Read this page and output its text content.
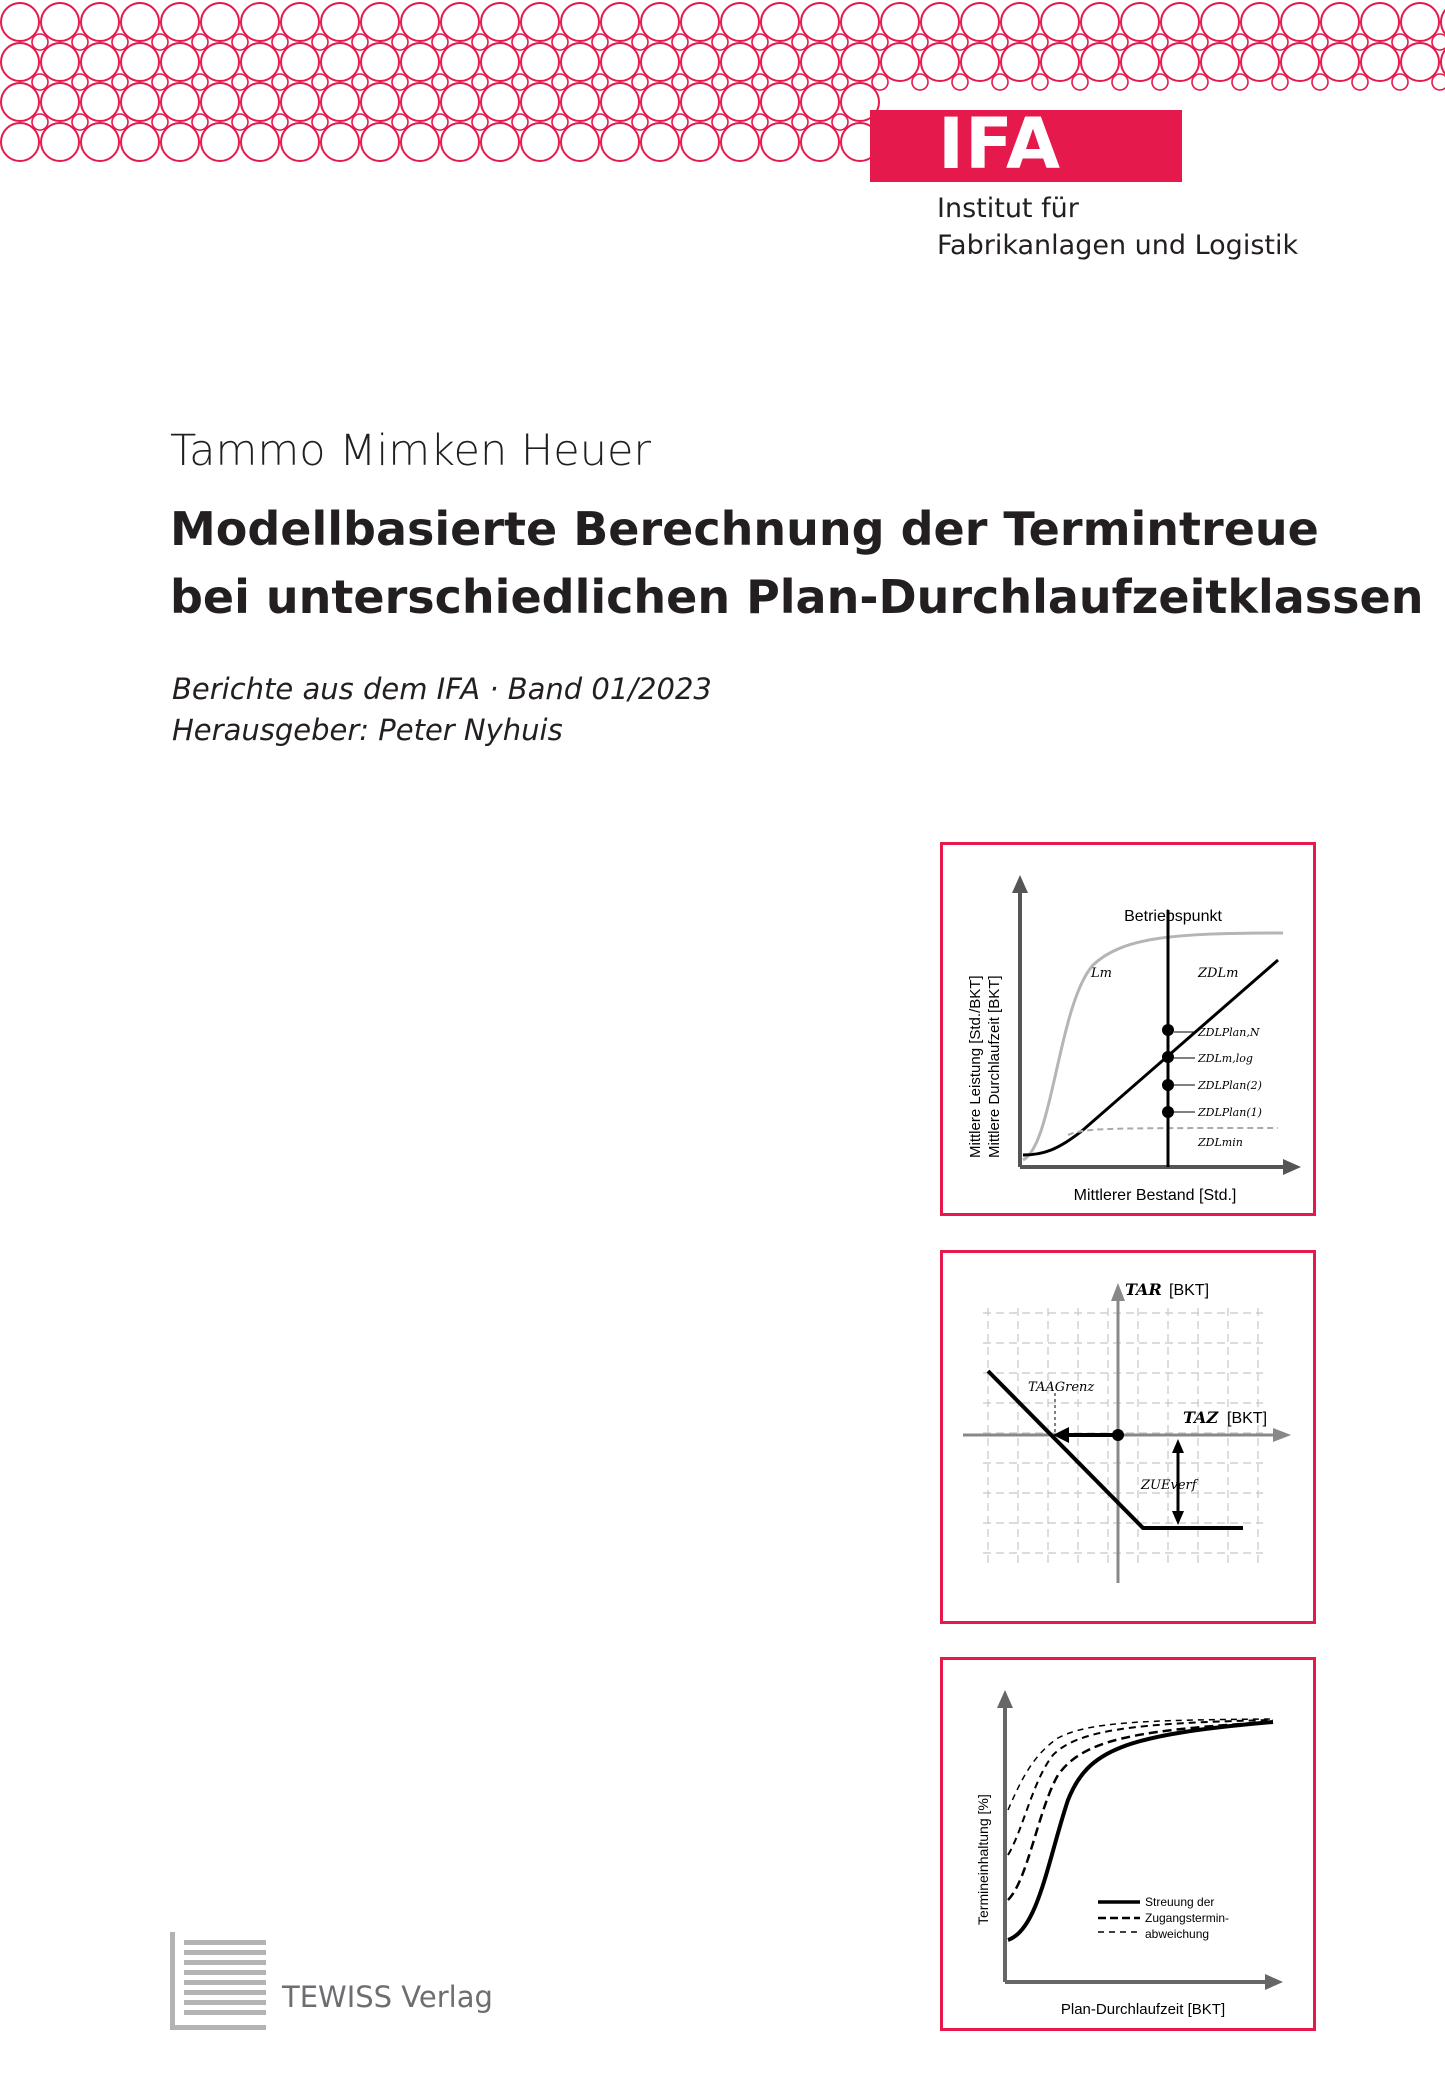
IFA
Institut für
Fabrikanlagen und Logistik
Tammo Mimken Heuer
Modellbasierte Berechnung der Termintreue
bei unterschiedlichen Plan-Durchlaufzeitklassen
Berichte aus dem IFA · Band 01/2023
Herausgeber: Peter Nyhuis
Betriebspunkt
Mittlere Leistung [Std./BKT] Mittlere Durchlaufzeit [BKT]
Mittlerer Bestand [Std.]
Lm	ZDLm
ZDLPlan,N
ZDLm,log
ZDLPlan(2)
ZDLPlan(1)
ZDLmin
TAR [BKT]
TAZ [BKT]
TAAGrenz
ZUEverf
Streuung der
Zugangstermin-
abweichung
Termineinhaltung [%]
Plan-Durchlaufzeit [BKT]
TEWISS Verlag
